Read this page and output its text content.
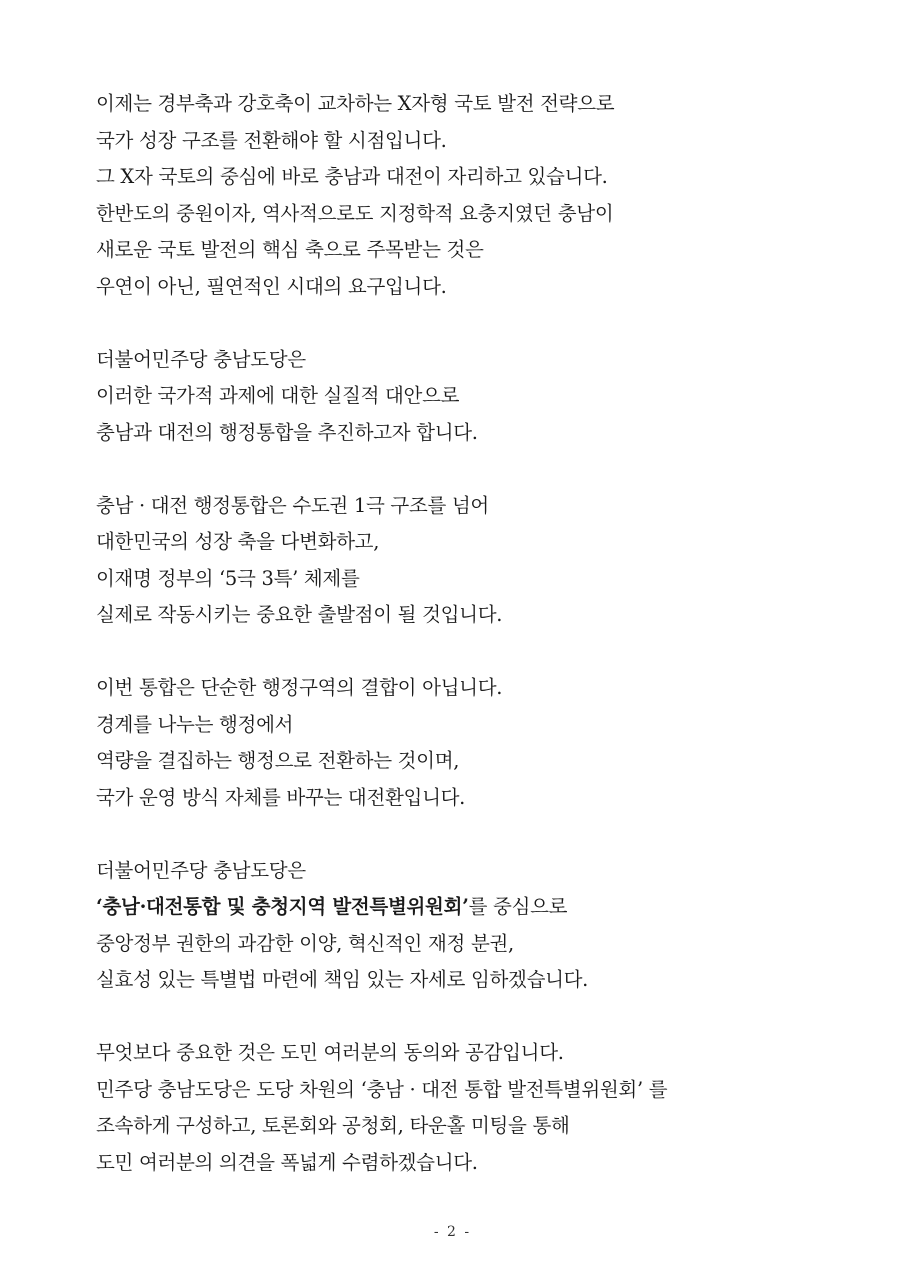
이제는 경부축과 강호축이 교차하는 X자형 국토 발전 전략으로
국가 성장 구조를 전환해야 할 시점입니다.
그 X자 국토의 중심에 바로 충남과 대전이 자리하고 있습니다.
한반도의 중원이자, 역사적으로도 지정학적 요충지였던 충남이
새로운 국토 발전의 핵심 축으로 주목받는 것은
우연이 아닌, 필연적인 시대의 요구입니다.
더불어민주당 충남도당은
이러한 국가적 과제에 대한 실질적 대안으로
충남과 대전의 행정통합을 추진하고자 합니다.
충남 · 대전 행정통합은 수도권 1극 구조를 넘어
대한민국의 성장 축을 다변화하고,
이재명 정부의 ‘5극 3특’ 체제를
실제로 작동시키는 중요한 출발점이 될 것입니다.
이번 통합은 단순한 행정구역의 결합이 아닙니다.
경계를 나누는 행정에서
역량을 결집하는 행정으로 전환하는 것이며,
국가 운영 방식 자체를 바꾸는 대전환입니다.
더불어민주당 충남도당은
‘충남·대전통합 및 충청지역 발전특별위원회’를 중심으로
중앙정부 권한의 과감한 이양, 혁신적인 재정 분권,
실효성 있는 특별법 마련에 책임 있는 자세로 임하겠습니다.
무엇보다 중요한 것은 도민 여러분의 동의와 공감입니다.
민주당 충남도당은 도당 차원의 ‘충남 · 대전 통합 발전특별위원회’ 를
조속하게 구성하고, 토론회와 공청회, 타운홀 미팅을 통해
도민 여러분의 의견을 폭넓게 수렴하겠습니다.
- 2 -
